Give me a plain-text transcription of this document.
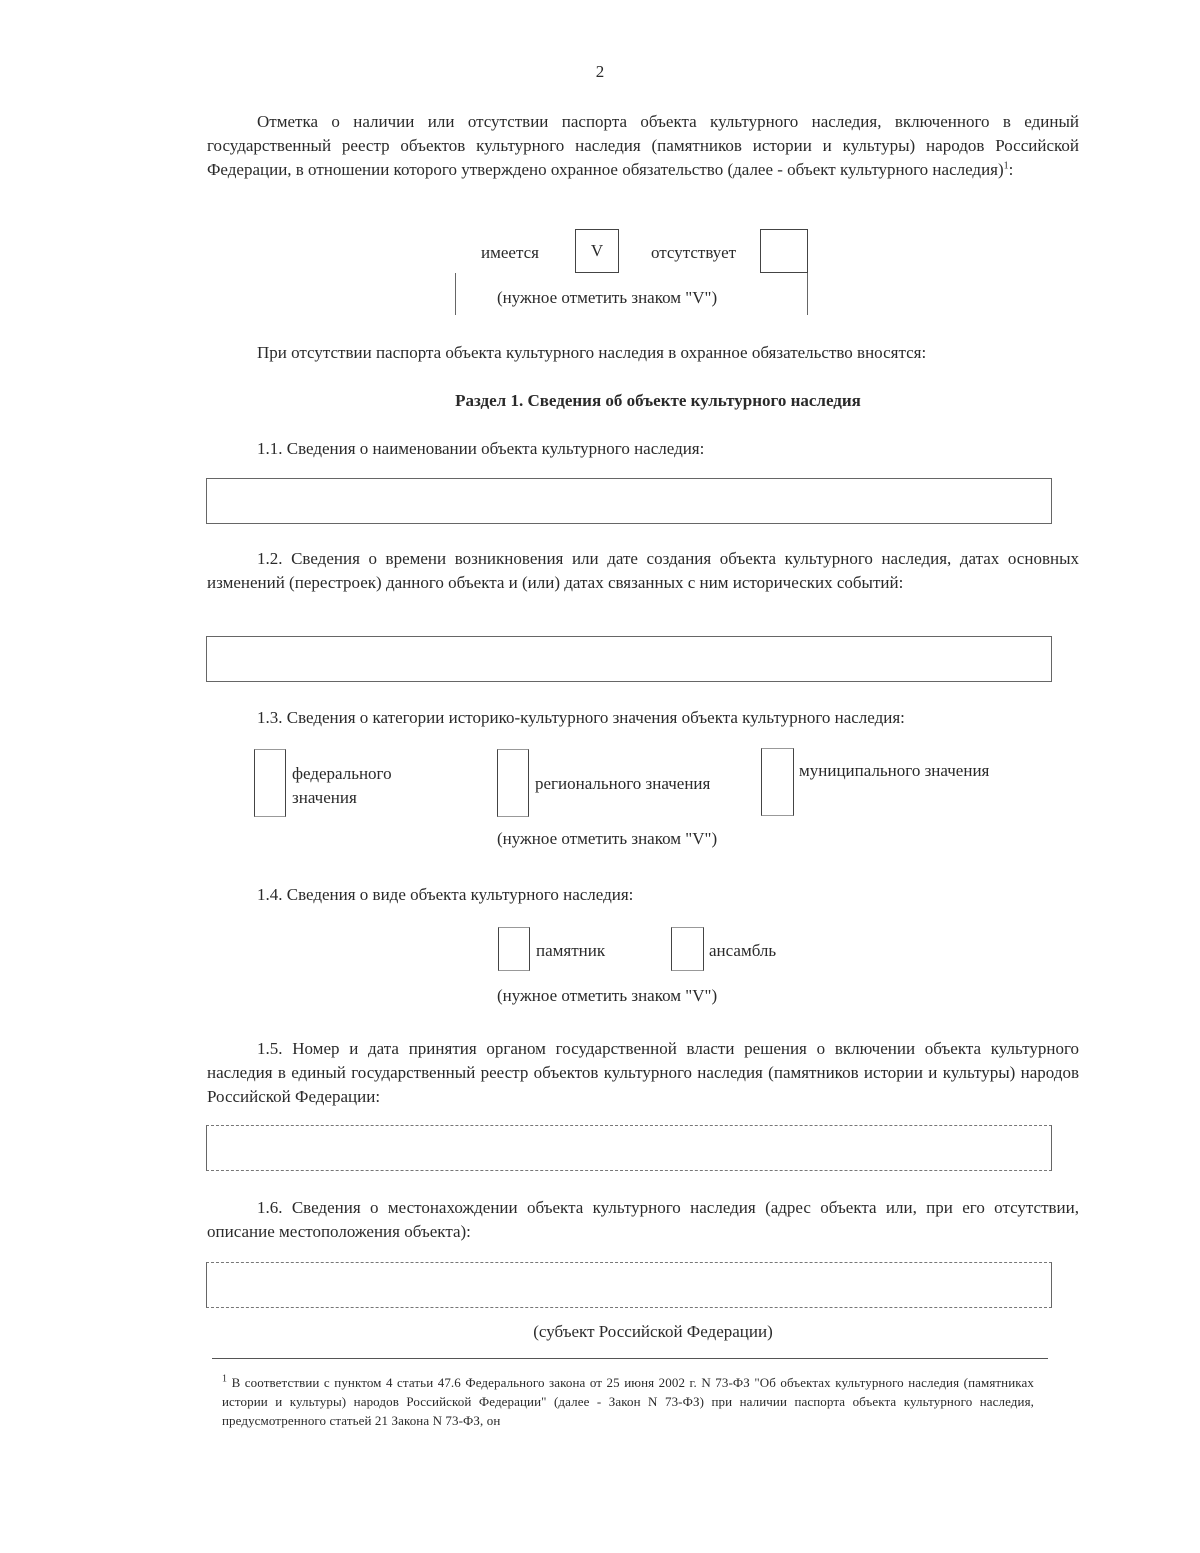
2
Отметка о наличии или отсутствии паспорта объекта культурного наследия, включенного в единый государственный реестр объектов культурного наследия (памятников истории и культуры) народов Российской Федерации, в отношении которого утверждено охранное обязательство (далее - объект культурного наследия)$^1$:
имеется	V	отсутствует
(нужное отметить знаком "V")
При отсутствии паспорта объекта культурного наследия в охранное обязательство вносятся:
Раздел 1. Сведения об объекте культурного наследия
1.1. Сведения о наименовании объекта культурного наследия:
1.2. Сведения о времени возникновения или дате создания объекта культурного наследия, датах основных изменений (перестроек) данного объекта и (или) датах связанных с ним исторических событий:
1.3. Сведения о категории историко-культурного значения объекта культурного наследия:
федерального значения
регионального значения
муниципального значения
(нужное отметить знаком "V")
1.4. Сведения о виде объекта культурного наследия:
памятник	ансамбль
(нужное отметить знаком "V")
1.5. Номер и дата принятия органом государственной власти решения о включении объекта культурного наследия в единый государственный реестр объектов культурного наследия (памятников истории и культуры) народов Российской Федерации:
1.6. Сведения о местонахождении объекта культурного наследия (адрес объекта или, при его отсутствии, описание местоположения объекта):
(субъект Российской Федерации)
$^1$ В соответствии с пунктом 4 статьи 47.6 Федерального закона от 25 июня 2002 г. N 73-ФЗ "Об объектах культурного наследия (памятниках истории и культуры) народов Российской Федерации" (далее - Закон N 73-ФЗ) при наличии паспорта объекта культурного наследия, предусмотренного статьей 21 Закона N 73-ФЗ, он
